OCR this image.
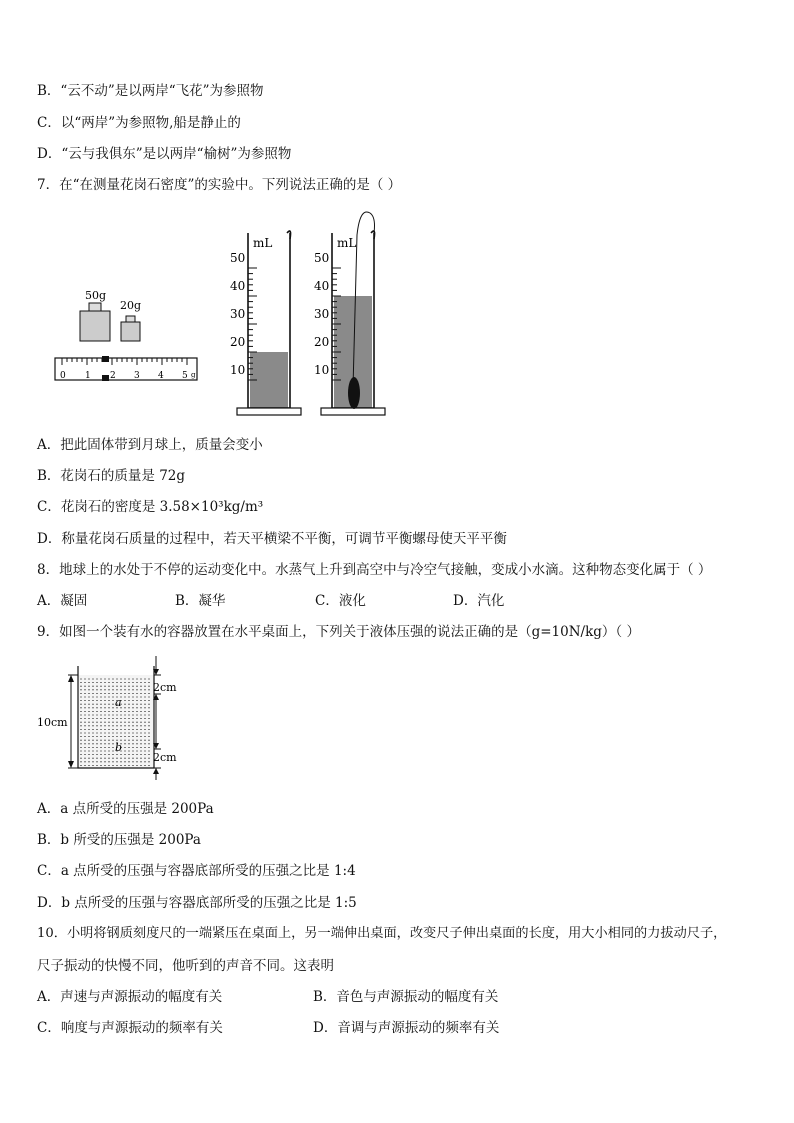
B．“云不动”是以两岸“飞花”为参照物
C．以“两岸”为参照物,船是静止的
D．“云与我俱东”是以两岸“榆树”为参照物
7．在“在测量花岗石密度”的实验中。下列说法正确的是（ ）
50g
20g
0 1 2 3 4 5 g
mL
50
40
30
20
10
mL
50
40
30
20
10
A．把此固体带到月球上，质量会变小
B．花岗石的质量是 72g
C．花岗石的密度是 3.58×10³kg/m³
D．称量花岗石质量的过程中，若天平横梁不平衡，可调节平衡螺母使天平平衡
8．地球上的水处于不停的运动变化中。水蒸气上升到高空中与冷空气接触，变成小水滴。这种物态变化属于（ ）
A．凝固	B．凝华	C．液化	D．汽化
9．如图一个装有水的容器放置在水平桌面上，下列关于液体压强的说法正确的是（g=10N/kg）（ ）
10cm
2cm
2cm
a
b
A．a 点所受的压强是 200Pa
B．b 所受的压强是 200Pa
C．a 点所受的压强与容器底部所受的压强之比是 1:4
D．b 点所受的压强与容器底部所受的压强之比是 1:5
10．小明将钢质刻度尺的一端紧压在桌面上，另一端伸出桌面，改变尺子伸出桌面的长度，用大小相同的力拔动尺子，
尺子振动的快慢不同，他听到的声音不同。这表明
A．声速与声源振动的幅度有关	B．音色与声源振动的幅度有关
C．响度与声源振动的频率有关	D．音调与声源振动的频率有关
